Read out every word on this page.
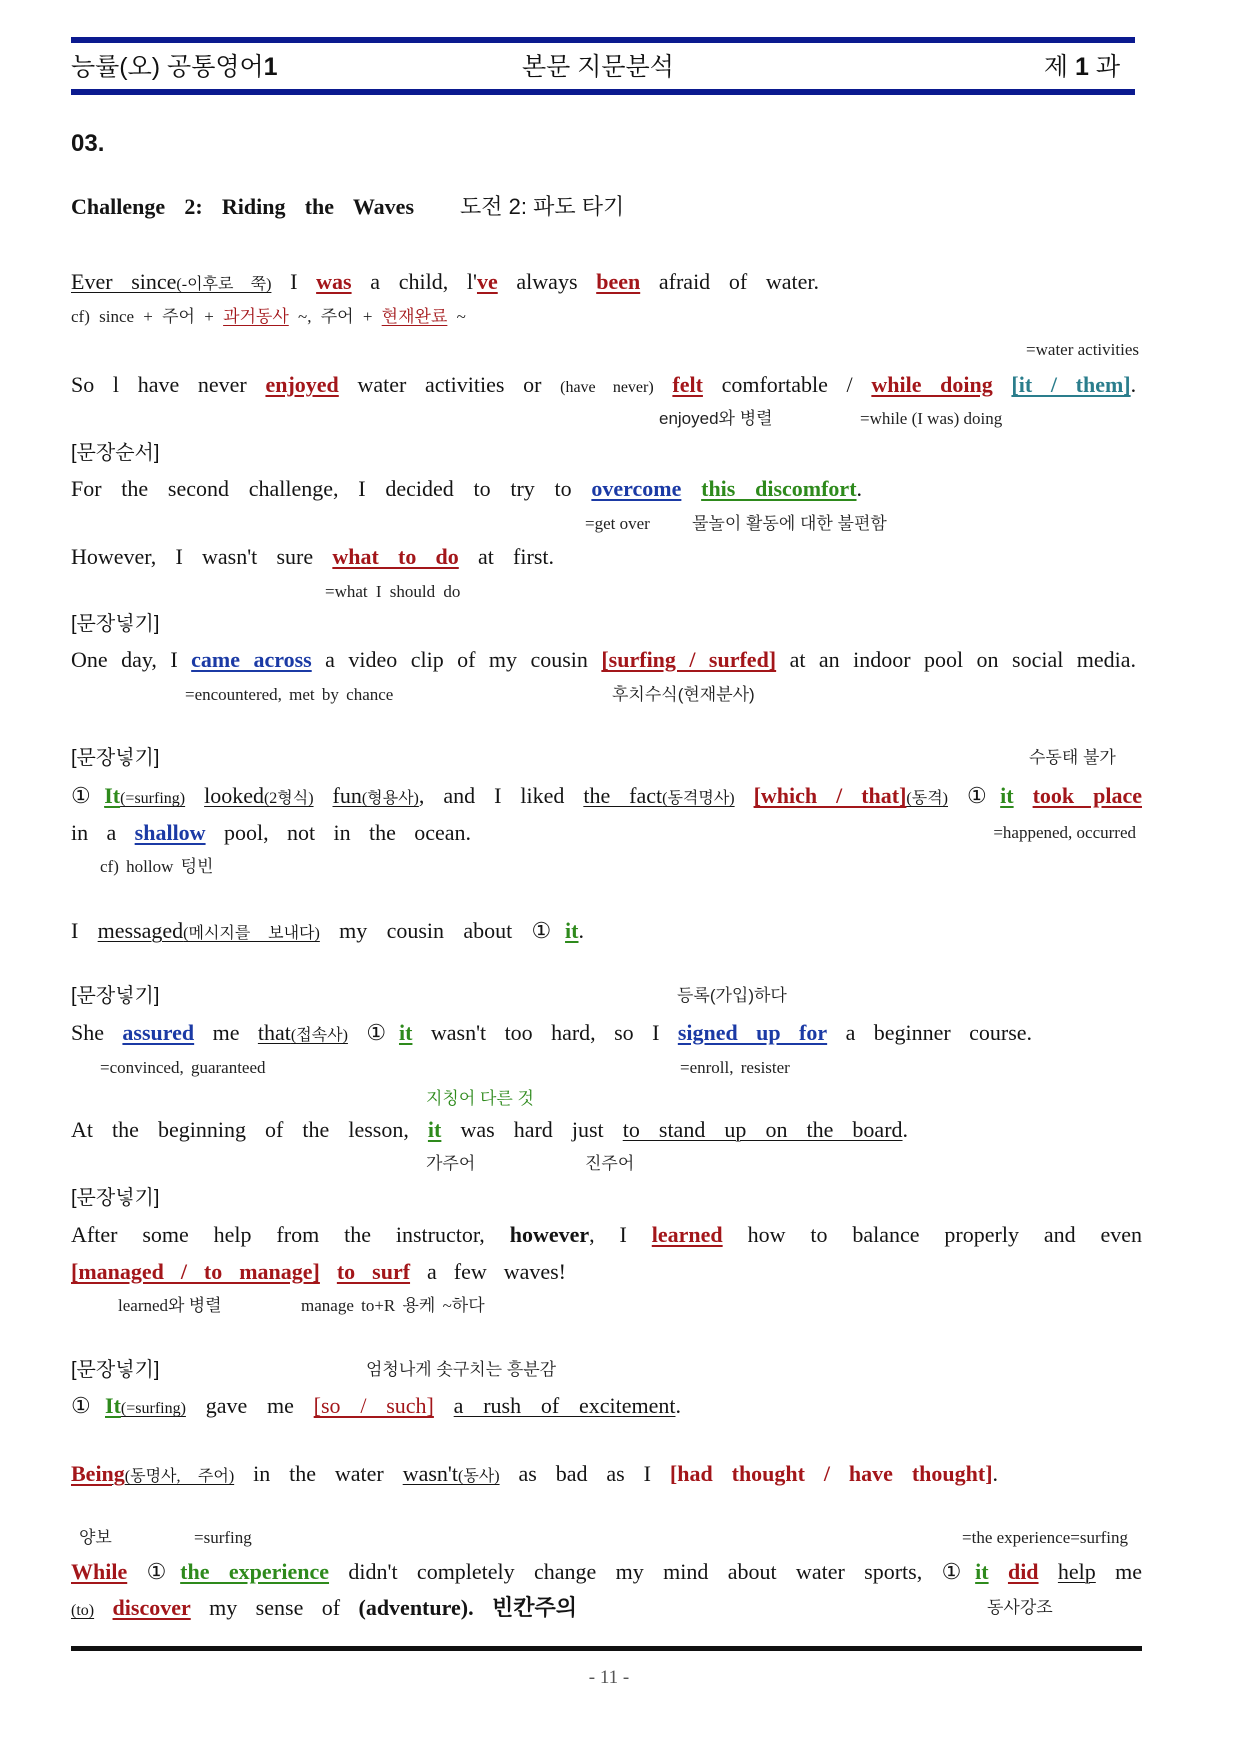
능률(오) 공통영어1	본문 지문분석	제 1 과
03.
Challenge 2: Riding the Waves 도전 2: 파도 타기
Ever since(-이후로 쭉) I was a child, l've always been afraid of water.
cf) since + 주어 + 과거동사 ~, 주어 + 현재완료 ~
=water activities
So l have never enjoyed water activities or (have never) felt comfortable / while doing [it / them].
enjoyed와 병렬	=while (I was) doing
[문장순서]
For the second challenge, I decided to try to overcome this discomfort.
=get over 물놀이 활동에 대한 불편함
However, I wasn't sure what to do at first.
=what I should do
[문장넣기]
One day, I came across a video clip of my cousin [surfing / surfed] at an indoor pool on social media.
=encountered, met by chance	후치수식(현재분사)
[문장넣기]	수동태 불가
①It(=surfing) looked(2형식) fun(형용사), and I liked the fact(동격명사) [which / that](동격) ①it took place
in a shallow pool, not in the ocean.	=happened, occurred
cf) hollow 텅빈
I messaged(메시지를 보내다) my cousin about ①it.
[문장넣기]	등록(가입)하다
She assured me that(접속사) ①it wasn't too hard, so I signed up for a beginner course.
=convinced, guaranteed	=enroll, resister
지칭어 다른 것
At the beginning of the lesson, it was hard just to stand up on the board.
가주어	진주어
[문장넣기]
After some help from the instructor, however, I learned how to balance properly and even
[managed / to manage] to surf a few waves!
learned와 병렬	manage to+R 용케 ~하다
[문장넣기]	엄청나게 솟구치는 흥분감
①It(=surfing) gave me [so / such] a rush of excitement.
Being(동명사, 주어) in the water wasn't(동사) as bad as I [had thought / have thought].
양보	=surfing	=the experience=surfing
While ①the experience didn't completely change my mind about water sports, ①it did help me
(to) discover my sense of (adventure). 빈칸주의	동사강조
- 11 -
